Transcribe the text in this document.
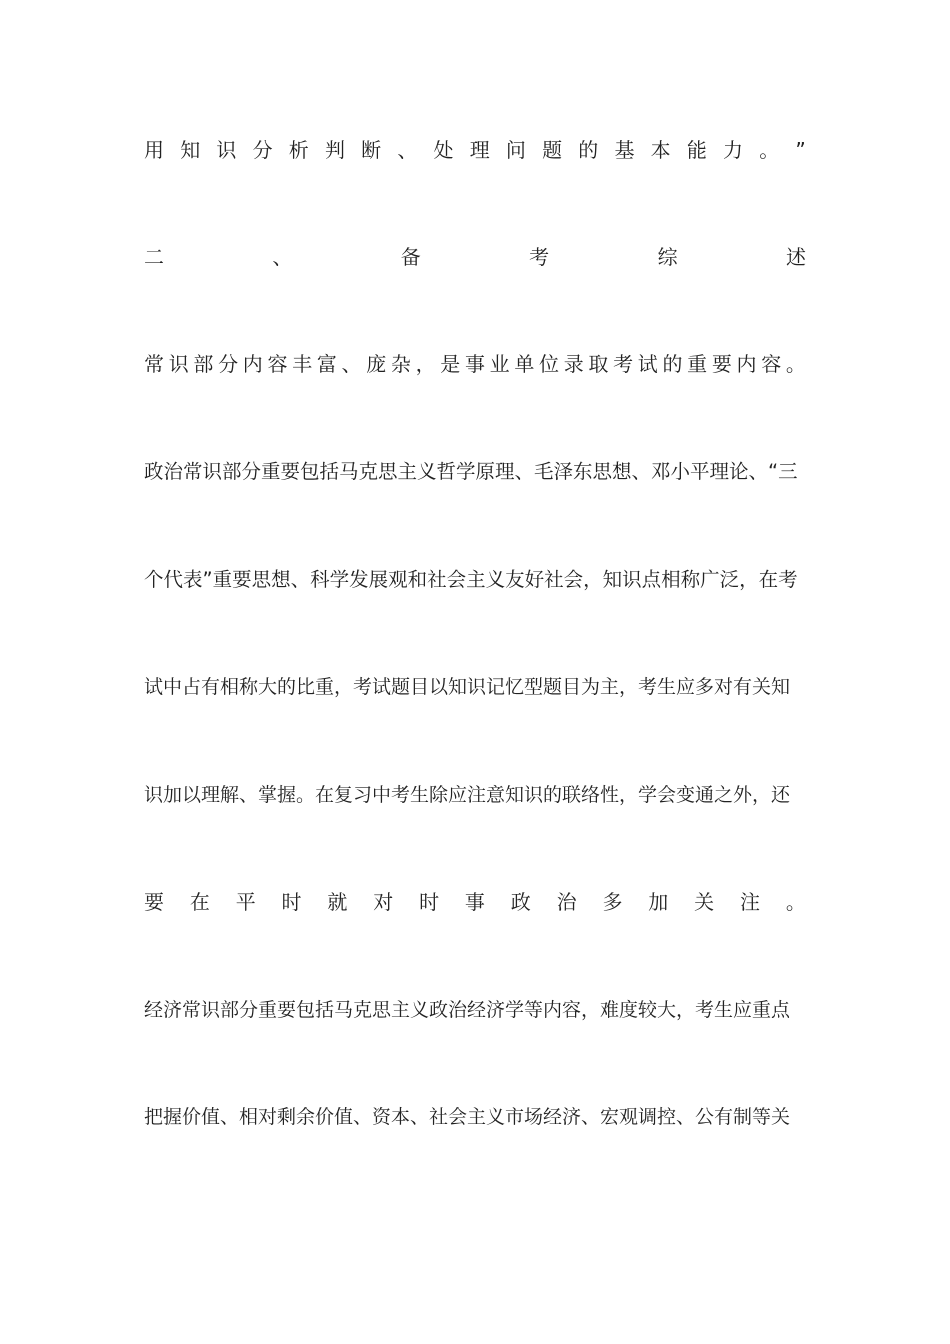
用 知 识 分 析 判 断 、 处 理 问 题 的 基 本 能 力 。 ”
二	、	备	考	综	述
常 识 部 分 内 容 丰 富 、 庞 杂 ， 是 事 业 单 位 录 取 考 试 的 重 要 内 容 。
政治常识部分重要包括马克思主义哲学原理、毛泽东思想、邓小平理论、“三
个代表”重要思想、科学发展观和社会主义友好社会，知识点相称广泛，在考
试中占有相称大的比重，考试题目以知识记忆型题目为主，考生应多对有关知
识加以理解、掌握。在复习中考生除应注意知识的联络性，学会变通之外，还
要 在 平 时 就 对 时 事 政 治 多 加 关 注 。
经济常识部分重要包括马克思主义政治经济学等内容，难度较大，考生应重点
把握价值、相对剩余价值、资本、社会主义市场经济、宏观调控、公有制等关
